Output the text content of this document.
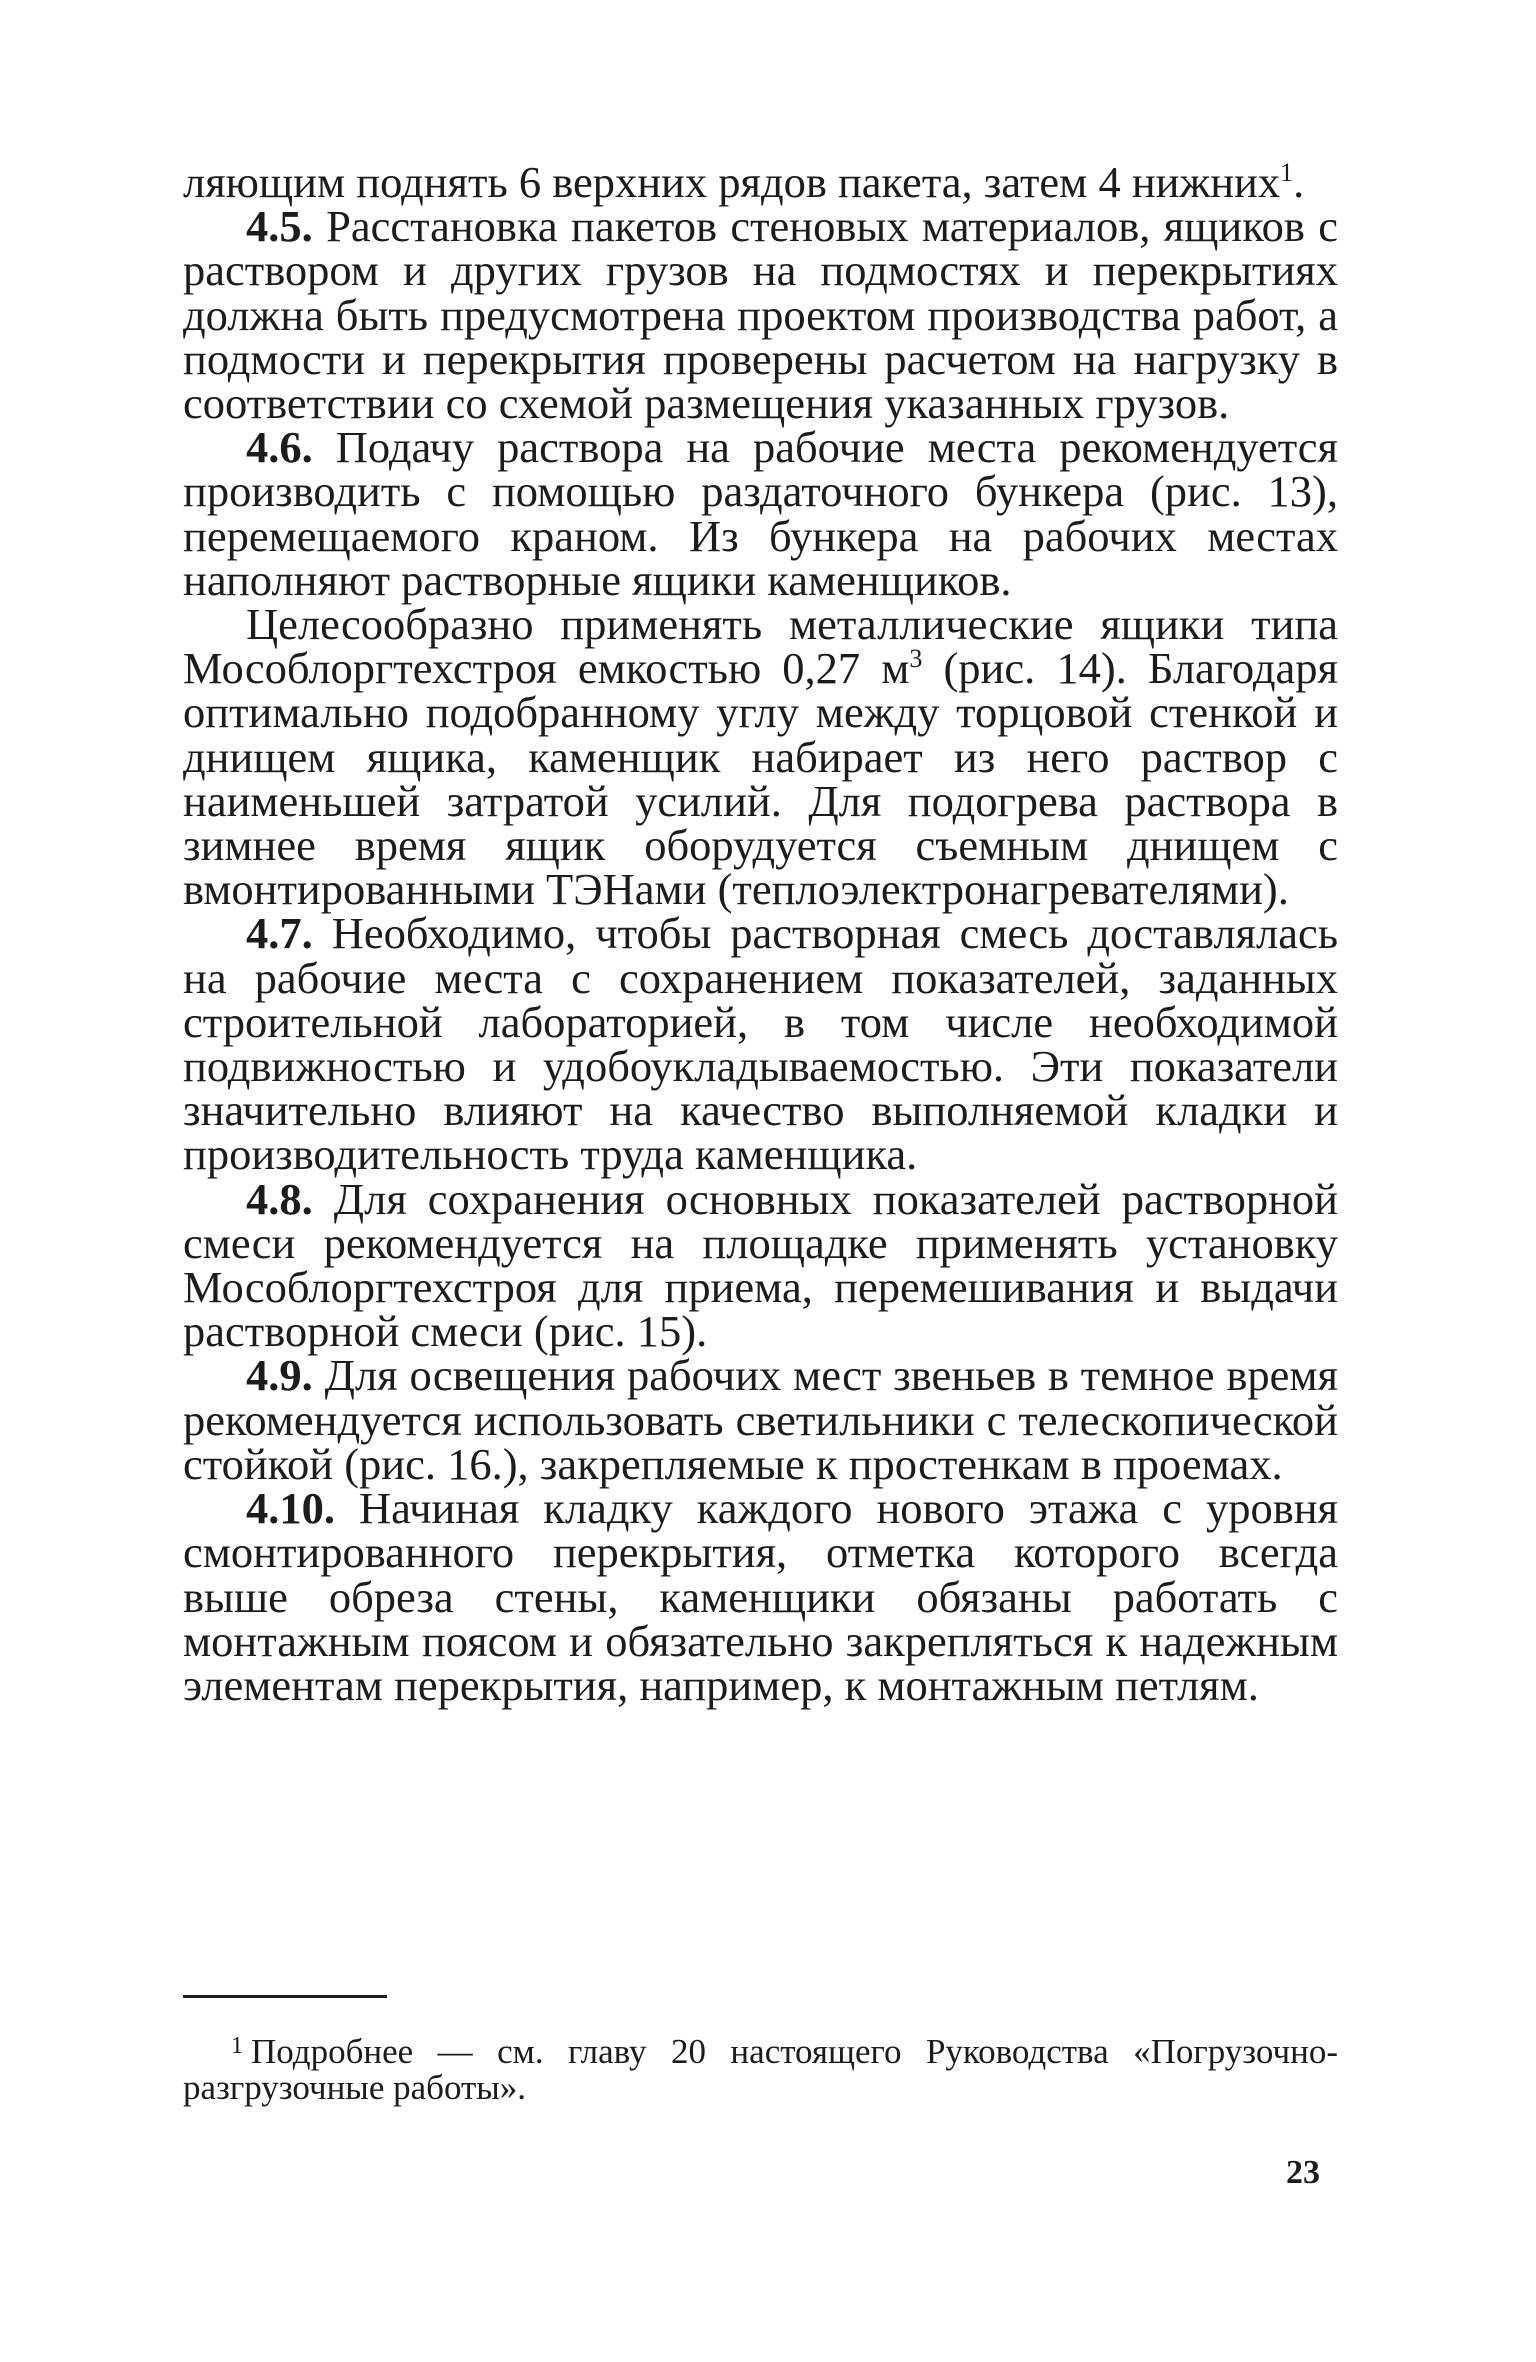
ляющим поднять 6 верхних рядов пакета, затем 4 нижних$^1$.

4.5. Расстановка пакетов стеновых материалов, ящиков с раствором и других грузов на подмостях и перекрытиях должна быть предусмотрена проектом производства работ, а подмости и перекрытия проверены расчетом на нагрузку в соответствии со схемой размещения указанных грузов.

4.6. Подачу раствора на рабочие места рекомендуется производить с помощью раздаточного бункера (рис. 13), перемещаемого краном. Из бункера на рабочих местах наполняют растворные ящики каменщиков.

Целесообразно применять металлические ящики типа Мособлоргтехстроя емкостью 0,27 $м^3$ (рис. 14). Благодаря оптимально подобранному углу между торцовой стенкой и днищем ящика, каменщик набирает из него раствор с наименьшей затратой усилий. Для подогрева раствора в зимнее время ящик оборудуется съемным днищем с вмонтированными ТЭНами (теплоэлектронагревателями).

4.7. Необходимо, чтобы растворная смесь доставлялась на рабочие места с сохранением показателей, заданных строительной лабораторией, в том числе необходимой подвижностью и удобоукладываемостью. Эти показатели значительно влияют на качество выполняемой кладки и производительность труда каменщика.

4.8. Для сохранения основных показателей растворной смеси рекомендуется на площадке применять установку Мособлоргтехстроя для приема, перемешивания и выдачи растворной смеси (рис. 15).

4.9. Для освещения рабочих мест звеньев в темное время рекомендуется использовать светильники с телескопической стойкой (рис. 16.), закрепляемые к простенкам в проемах.

4.10. Начиная кладку каждого нового этажа с уровня смонтированного перекрытия, отметка которого всегда выше обреза стены, каменщики обязаны работать с монтажным поясом и обязательно закрепляться к надежным элементам перекрытия, например, к монтажным петлям.

1 Подробнее — см. главу 20 настоящего Руководства «Погрузочно-разгрузочные работы».
23
